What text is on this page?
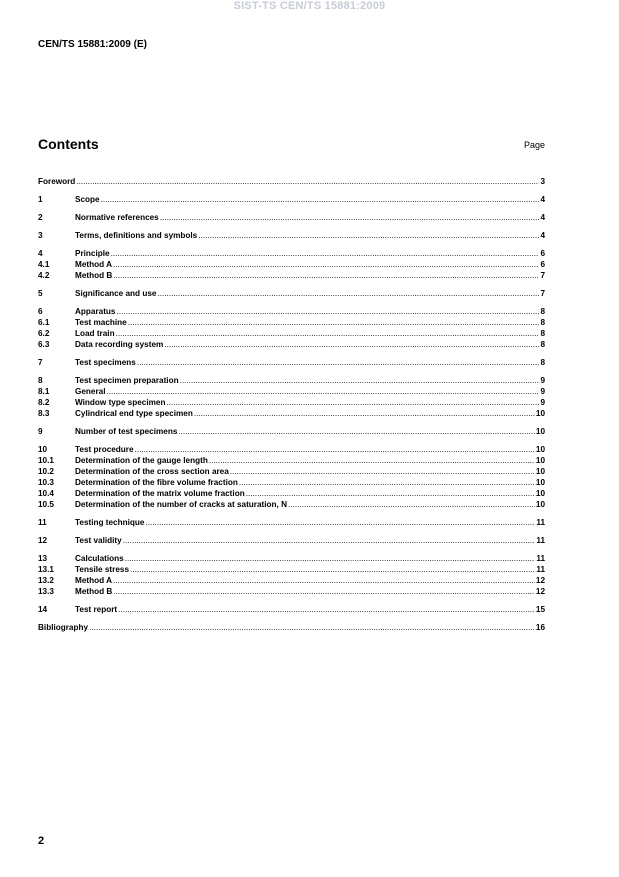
SIST-TS CEN/TS 15881:2009
CEN/TS 15881:2009 (E)
Contents	Page
Foreword .....	3
1	Scope .....	4
2	Normative references .....	4
3	Terms, definitions and symbols .....	4
4	Principle .....	6
4.1	Method A .....	6
4.2	Method B .....	7
5	Significance and use .....	7
6	Apparatus .....	8
6.1	Test machine .....	8
6.2	Load train .....	8
6.3	Data recording system .....	8
7	Test specimens .....	8
8	Test specimen preparation .....	9
8.1	General .....	9
8.2	Window type specimen .....	9
8.3	Cylindrical end type specimen .....	10
9	Number of test specimens .....	10
10	Test procedure .....	10
10.1	Determination of the gauge length .....	10
10.2	Determination of the cross section area .....	10
10.3	Determination of the fibre volume fraction .....	10
10.4	Determination of the matrix volume fraction .....	10
10.5	Determination of the number of cracks at saturation, N .....	10
11	Testing technique .....	11
12	Test validity .....	11
13	Calculations .....	11
13.1	Tensile stress .....	11
13.2	Method A .....	12
13.3	Method B .....	12
14	Test report .....	15
Bibliography .....	16
2
